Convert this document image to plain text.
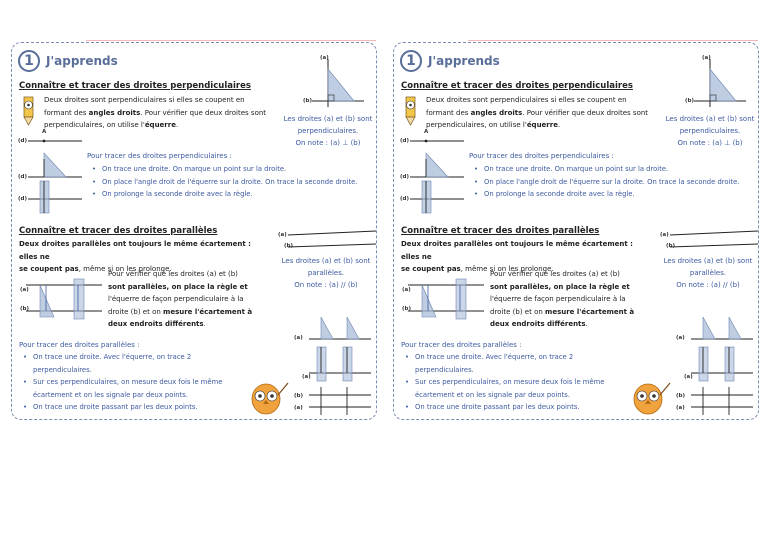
1	J'apprends
Connaître et tracer des droites perpendiculaires
Deux droites sont perpendiculaires si elles se coupent en
formant des angles droits. Pour vérifier que deux droites sont
perpendiculaires, on utilise l'équerre.
(a)
(b)
Les droites (a) et (b) sont
perpendiculaires.
On note : (a) ⊥ (b)
(d)
(d)
(d)
A
Pour tracer des droites perpendiculaires :
• On trace une droite. On marque un point sur la droite.
• On place l'angle droit de l'équerre sur la droite. On trace la seconde droite.
• On prolonge la seconde droite avec la règle.
Connaître et tracer des droites parallèles
Deux droites parallèles ont toujours le même écartement : elles ne
se coupent pas, même si on les prolonge.
(a)
(b)
Les droites (a) et (b) sont
parallèles.
On note : (a) // (b)
(a)
(b)
Pour vérifier que les droites (a) et (b)
sont parallèles, on place la règle et
l'équerre de façon perpendiculaire à la
droite (b) et on mesure l'écartement à
deux endroits différents.
Pour tracer des droites parallèles :
• On trace une droite. Avec l'équerre, on trace 2 perpendiculaires.
• Sur ces perpendiculaires, on mesure deux fois le même écartement et on les signale par deux points.
• On trace une droite passant par les deux points.
(a)
(a)
(b)
(a)
1	J'apprends
Connaître et tracer des droites perpendiculaires
Deux droites sont perpendiculaires si elles se coupent en
formant des angles droits. Pour vérifier que deux droites sont
perpendiculaires, on utilise l'équerre.
(a)
(b)
Les droites (a) et (b) sont
perpendiculaires.
On note : (a) ⊥ (b)
(d)
(d)
(d)
A
Pour tracer des droites perpendiculaires :
• On trace une droite. On marque un point sur la droite.
• On place l'angle droit de l'équerre sur la droite. On trace la seconde droite.
• On prolonge la seconde droite avec la règle.
Connaître et tracer des droites parallèles
Deux droites parallèles ont toujours le même écartement : elles ne
se coupent pas, même si on les prolonge.
(a)
(b)
Les droites (a) et (b) sont
parallèles.
On note : (a) // (b)
(a)
(b)
Pour vérifier que les droites (a) et (b)
sont parallèles, on place la règle et
l'équerre de façon perpendiculaire à la
droite (b) et on mesure l'écartement à
deux endroits différents.
Pour tracer des droites parallèles :
• On trace une droite. Avec l'équerre, on trace 2 perpendiculaires.
• Sur ces perpendiculaires, on mesure deux fois le même écartement et on les signale par deux points.
• On trace une droite passant par les deux points.
(a)
(a)
(b)
(a)
